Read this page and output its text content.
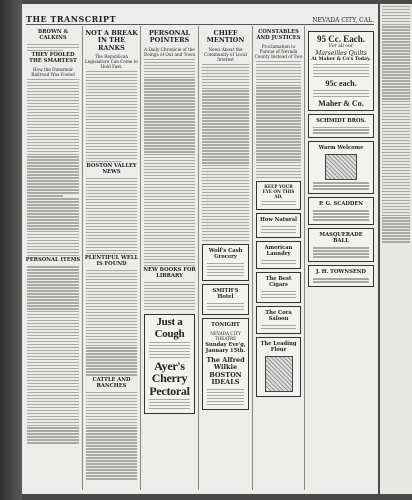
THE TRANSCRIPT	NEVADA CITY, CAL.
BROWN & CALKINS
THEY FOOLED THE SMARTEST
How the Dunsmuir Railroad Was Fooled
PERSONAL ITEMS
NOT A BREAK IN THE RANKS
The Republican Legislature Can Come to Hold Fast.
BOSTON VALLEY NEWS
PLENTIFUL WELL IS FOUND
CATTLE AND RANCHES
PERSONAL POINTERS
A Daily Chronicle of the Doings of Out and Town
NEW BOOKS FOR LIBRARY
Just a Cough
Ayer's Cherry Pectoral
CHIEF MENTION
News About the Community of Local Interest
Wolf's Cash Grocery
SMITH'S Hotel
TONIGHT
NEVADA CITY THEATRE
Sunday Eve'g, January 15th.
The Alfred Wilkie BOSTON IDEALS
CONSTABLES AND JUSTICES
Proclamation to Pursue of Nevada County Instead of Two
KEEP YOUR EYE ON THIS AD.
How Natural
American Laundry
The Best Cigars
The Cora Saloon
The Leading Flour
95 Cc. Each.
For all our
Marseilles Quilts
At Maher & Co's Today.
95c each.
Maher & Co.
SCHMIDT BROS.
Warm Welcome
P. G. SCADDEN
MASQUERADE BALL
J. H. TOWNSEND
